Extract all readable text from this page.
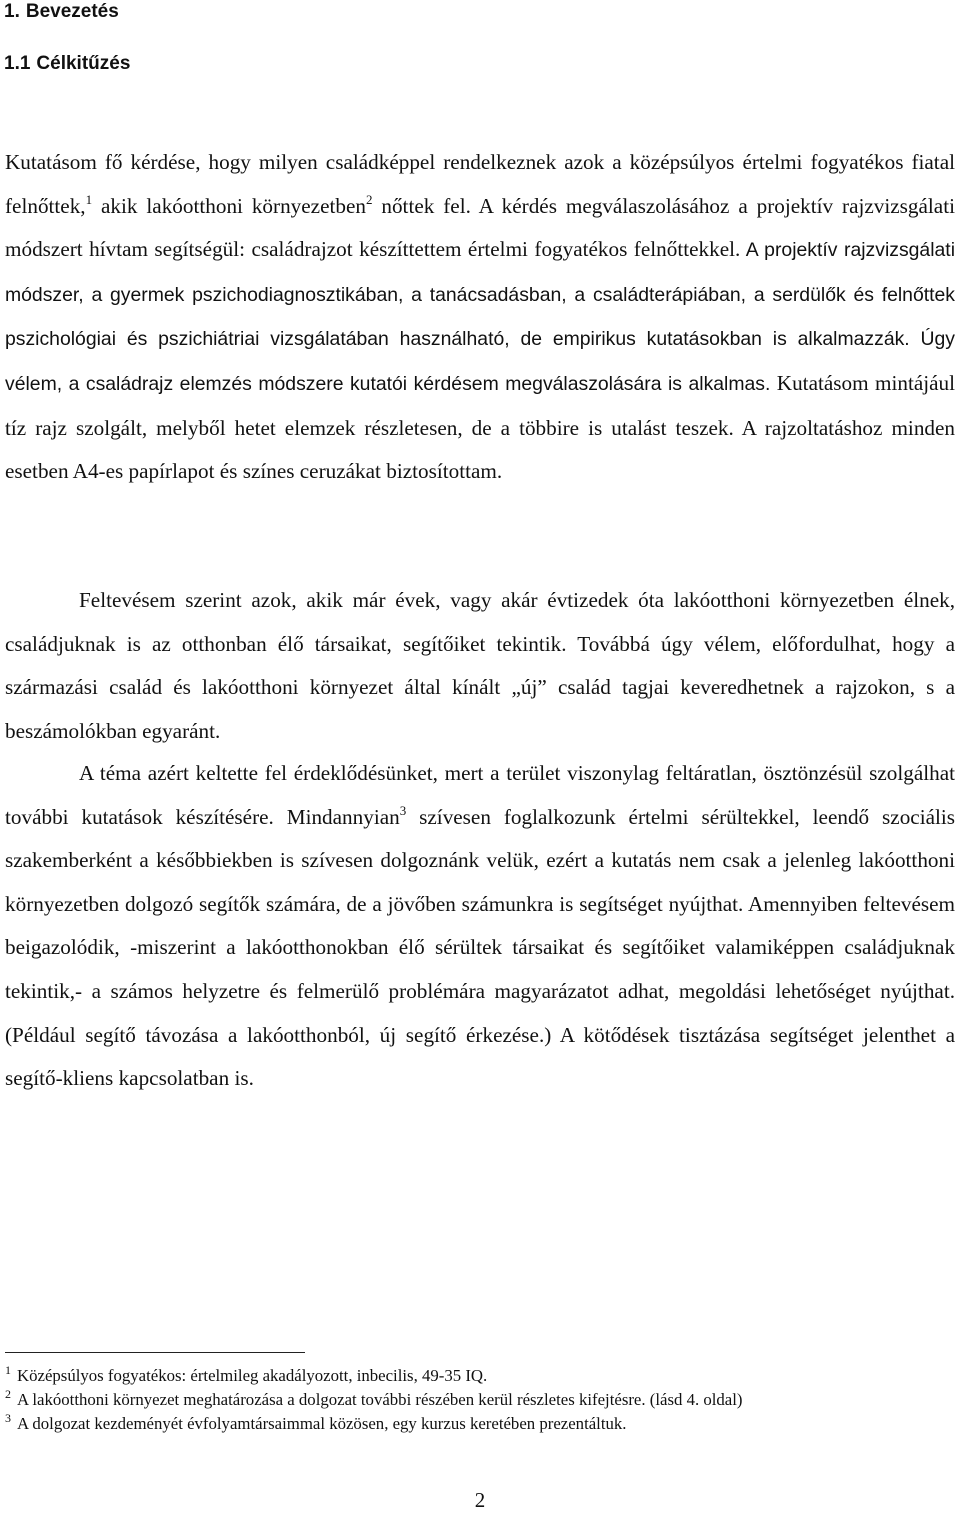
1. Bevezetés
1.1 Célkitűzés

Kutatásom fő kérdése, hogy milyen családképpel rendelkeznek azok a középsúlyos értelmi fogyatékos fiatal felnőttek,$^1$ akik lakóotthoni környezetben$^2$ nőttek fel. A kérdés megválaszolásához a projektív rajzvizsgálati módszert hívtam segítségül: családrajzot készíttettem értelmi fogyatékos felnőttekkel. A projektív rajzvizsgálati módszer, a gyermek pszichodiagnosztikában, a tanácsadásban, a családterápiában, a serdülők és felnőttek pszichológiai és pszichiátriai vizsgálatában használható, de empirikus kutatásokban is alkalmazzák. Úgy vélem, a családrajz elemzés módszere kutatói kérdésem megválaszolására is alkalmas. Kutatásom mintájául tíz rajz szolgált, melyből hetet elemzek részletesen, de a többire is utalást teszek. A rajzoltatáshoz minden esetben A4-es papírlapot és színes ceruzákat biztosítottam.

Feltevésem szerint azok, akik már évek, vagy akár évtizedek óta lakóotthoni környezetben élnek, családjuknak is az otthonban élő társaikat, segítőiket tekintik. Továbbá úgy vélem, előfordulhat, hogy a származási család és lakóotthoni környezet által kínált „új” család tagjai keveredhetnek a rajzokon, s a beszámolókban egyaránt.

A téma azért keltette fel érdeklődésünket, mert a terület viszonylag feltáratlan, ösztönzésül szolgálhat további kutatások készítésére. Mindannyian$^3$ szívesen foglalkozunk értelmi sérültekkel, leendő szociális szakemberként a későbbiekben is szívesen dolgoznánk velük, ezért a kutatás nem csak a jelenleg lakóotthoni környezetben dolgozó segítők számára, de a jövőben számunkra is segítséget nyújthat. Amennyiben feltevésem beigazolódik, -miszerint a lakóotthonokban élő sérültek társaikat és segítőiket valamiképpen családjuknak tekintik,- a számos helyzetre és felmerülő problémára magyarázatot adhat, megoldási lehetőséget nyújthat. (Például segítő távozása a lakóotthonból, új segítő érkezése.) A kötődések tisztázása segítséget jelenthet a segítő-kliens kapcsolatban is.

$^1$ Középsúlyos fogyatékos: értelmileg akadályozott, inbecilis, 49-35 IQ.

$^2$ A lakóotthoni környezet meghatározása a dolgozat további részében kerül részletes kifejtésre. (lásd 4. oldal)

$^3$ A dolgozat kezdeményét évfolyamtársaimmal közösen, egy kurzus keretében prezentáltuk.

2
